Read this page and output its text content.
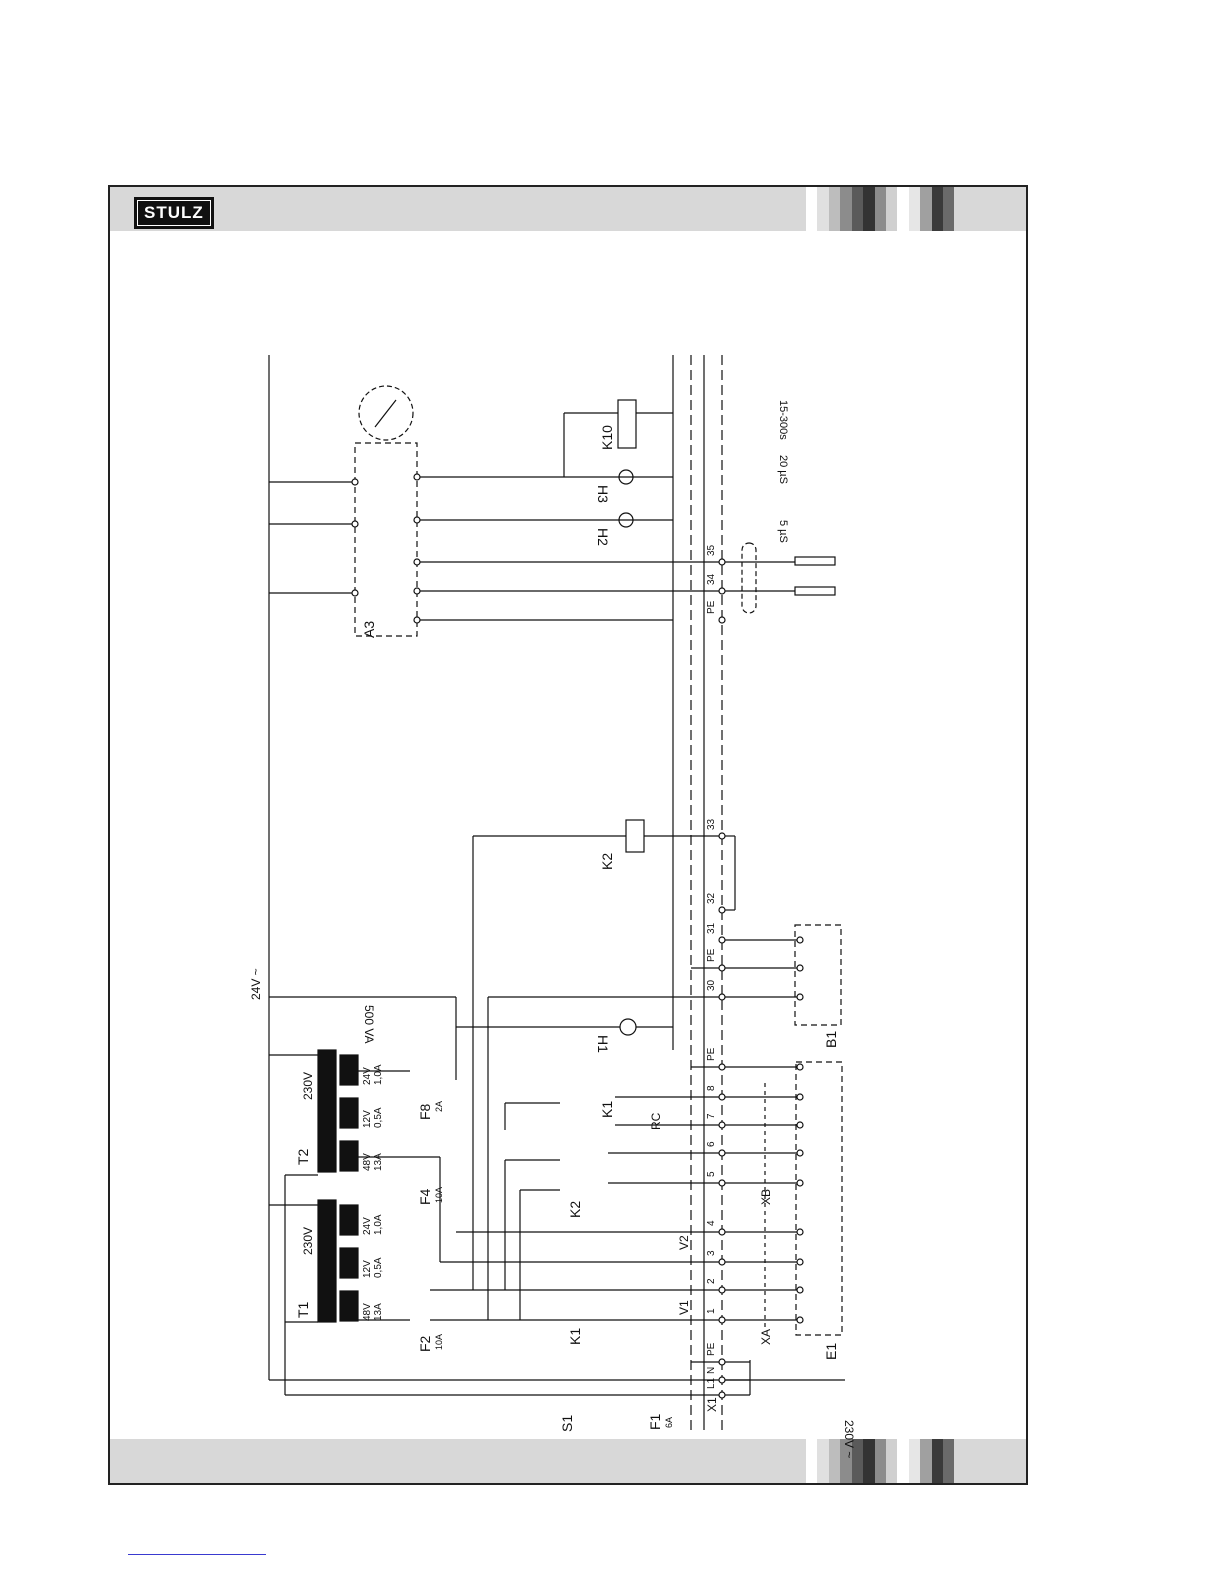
STULZ
24V ~
230V ~
500 VA
230V
230V
T1
T2
A3
K10
K2
K1
K2
K1
H3
H2
H1	B1
E1
F2 10A
F4 10A
F8 2A
F1 6A
S1
X1
XA
XB
V2
V1
RC
5 µS
20 µS
15-300s
48V 13A
12V 0,5A
24V 1,0A
48V 13A
12V 0,5A
24V 1,0A
L1
N
PE
1
2
3
4
5
6
7
8
PE
30
PE
31
32
33
PE
34
35
